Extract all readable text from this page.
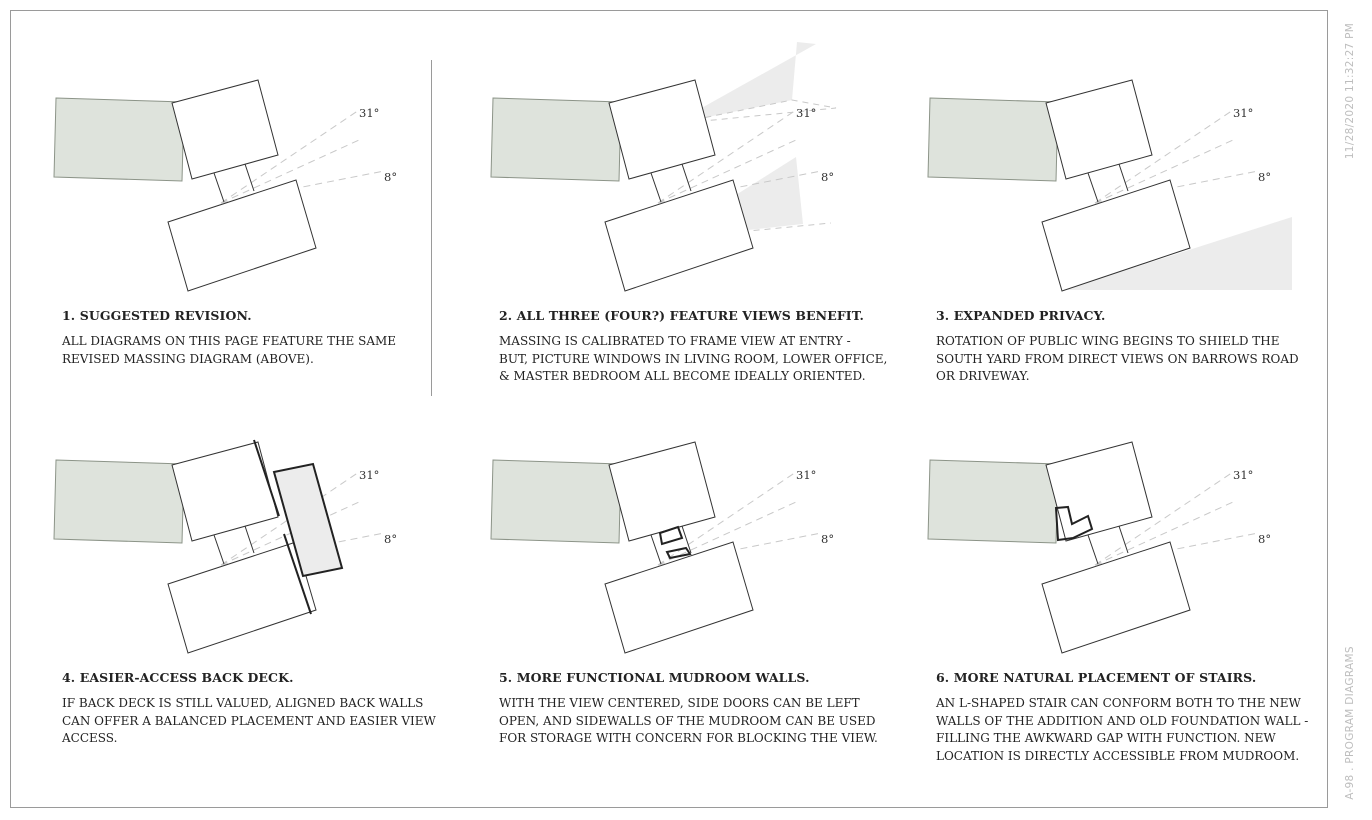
11/28/2020 11:32:27 PM
A-98 . PROGRAM DIAGRAMS
31°
8°

1. SUGGESTED REVISION.

ALL DIAGRAMS ON THIS PAGE FEATURE THE SAME
REVISED MASSING DIAGRAM (ABOVE).

31°
8°

2. ALL THREE (FOUR?) FEATURE VIEWS BENEFIT.

MASSING IS CALIBRATED TO FRAME VIEW AT ENTRY -
BUT, PICTURE WINDOWS IN LIVING ROOM, LOWER OFFICE,
& MASTER BEDROOM ALL BECOME IDEALLY ORIENTED.

31°
8°

3. EXPANDED PRIVACY.

ROTATION OF PUBLIC WING BEGINS TO SHIELD THE
SOUTH YARD FROM DIRECT VIEWS ON BARROWS ROAD
OR DRIVEWAY.

31°
8°

4. EASIER-ACCESS BACK DECK.

IF BACK DECK IS STILL VALUED, ALIGNED BACK WALLS
CAN OFFER A BALANCED PLACEMENT AND EASIER VIEW
ACCESS.

31°
8°

5. MORE FUNCTIONAL MUDROOM WALLS.

WITH THE VIEW CENTERED, SIDE DOORS CAN BE LEFT
OPEN, AND SIDEWALLS OF THE MUDROOM CAN BE USED
FOR STORAGE WITH CONCERN FOR BLOCKING THE VIEW.

31°
8°

6. MORE NATURAL PLACEMENT OF STAIRS.

AN L-SHAPED STAIR CAN CONFORM BOTH TO THE NEW
WALLS OF THE ADDITION AND OLD FOUNDATION WALL -
FILLING THE AWKWARD GAP WITH FUNCTION. NEW
LOCATION IS DIRECTLY ACCESSIBLE FROM MUDROOM.
